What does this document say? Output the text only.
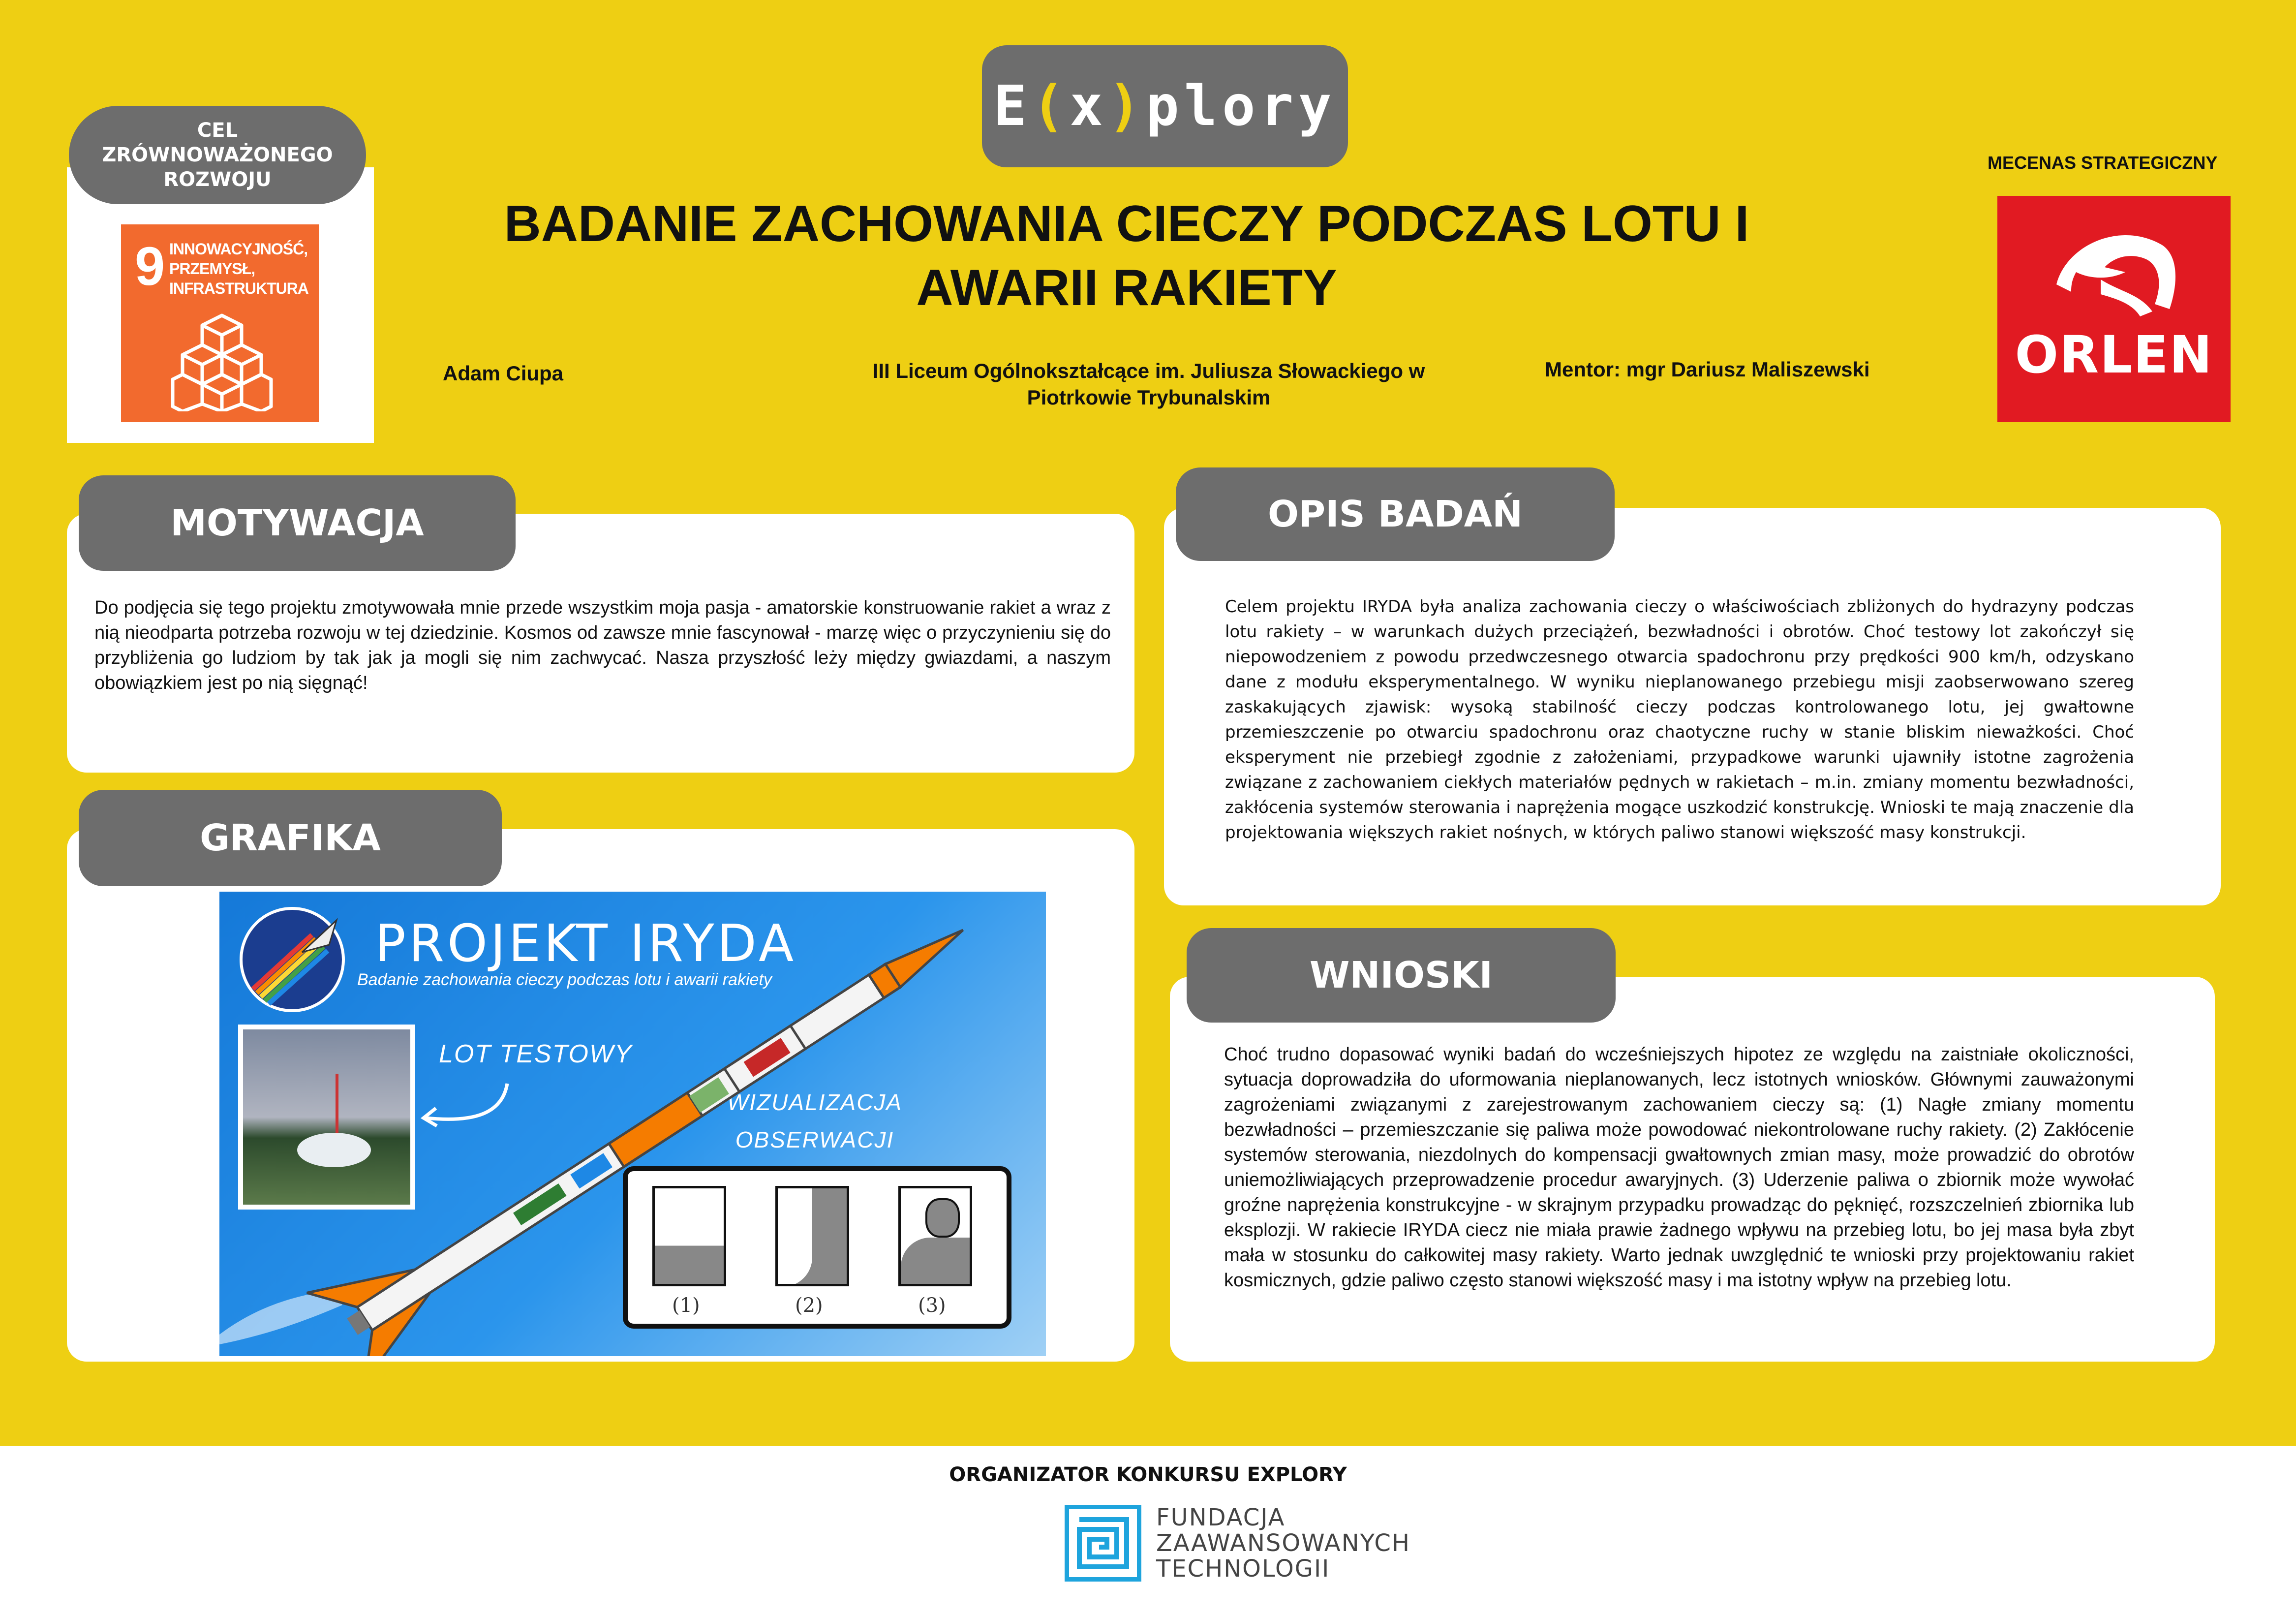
E ( x ) plory
CEL
ZRÓWNOWAŻONEGO
ROZWOJU
9 INNOWACYJNOŚĆ,
PRZEMYSŁ,
INFRASTRUKTURA
BADANIE ZACHOWANIA CIECZY PODCZAS LOTU I
AWARII RAKIETY
Adam Ciupa	III Liceum Ogólnokształcące im. Juliusza Słowackiego w
Piotrkowie Trybunalskim
Mentor: mgr Dariusz Maliszewski
MECENAS STRATEGICZNY
ORLEN
MOTYWACJA
Do podjęcia się tego projektu zmotywowała mnie przede wszystkim moja pasja - amatorskie konstruowanie rakiet a wraz z nią nieodparta potrzeba rozwoju w tej dziedzinie. Kosmos od zawsze mnie fascynował - marzę więc o przyczynieniu się do przybliżenia go ludziom by tak jak ja mogli się nim zachwycać. Nasza przyszłość leży między gwiazdami, a naszym obowiązkiem jest po nią sięgnąć!
GRAFIKA
PROJEKT IRYDA
Badanie zachowania cieczy podczas lotu i awarii rakiety
LOT TESTOWY
WIZUALIZACJA
OBSERWACJI
(1)	(2)	(3)
OPIS BADAŃ
Celem projektu IRYDA była analiza zachowania cieczy o właściwościach zbliżonych do hydrazyny podczas lotu rakiety – w warunkach dużych przeciążeń, bezwładności i obrotów. Choć testowy lot zakończył się niepowodzeniem z powodu przedwczesnego otwarcia spadochronu przy prędkości 900 km/h, odzyskano dane z modułu eksperymentalnego. W wyniku nieplanowanego przebiegu misji zaobserwowano szereg zaskakujących zjawisk: wysoką stabilność cieczy podczas kontrolowanego lotu, jej gwałtowne przemieszczenie po otwarciu spadochronu oraz chaotyczne ruchy w stanie bliskim nieważkości. Choć eksperyment nie przebiegł zgodnie z założeniami, przypadkowe warunki ujawniły istotne zagrożenia związane z zachowaniem ciekłych materiałów pędnych w rakietach – m.in. zmiany momentu bezwładności, zakłócenia systemów sterowania i naprężenia mogące uszkodzić konstrukcję. Wnioski te mają znaczenie dla projektowania większych rakiet nośnych, w których paliwo stanowi większość masy konstrukcji.
WNIOSKI
Choć trudno dopasować wyniki badań do wcześniejszych hipotez ze względu na zaistniałe okoliczności, sytuacja doprowadziła do uformowania nieplanowanych, lecz istotnych wniosków. Głównymi zauważonymi zagrożeniami związanymi z zarejestrowanym zachowaniem cieczy są: (1) Nagłe zmiany momentu bezwładności – przemieszczanie się paliwa może powodować niekontrolowane ruchy rakiety. (2) Zakłócenie systemów sterowania, niezdolnych do kompensacji gwałtownych zmian masy, może prowadzić do obrotów uniemożliwiających przeprowadzenie procedur awaryjnych. (3) Uderzenie paliwa o zbiornik może wywołać groźne naprężenia konstrukcyjne - w skrajnym przypadku prowadząc do pęknięć, rozszczelnień zbiornika lub eksplozji. W rakiecie IRYDA ciecz nie miała prawie żadnego wpływu na przebieg lotu, bo jej masa była zbyt mała w stosunku do całkowitej masy rakiety. Warto jednak uwzględnić te wnioski przy projektowaniu rakiet kosmicznych, gdzie paliwo często stanowi większość masy i ma istotny wpływ na przebieg lotu.
ORGANIZATOR KONKURSU EXPLORY
FUNDACJA
ZAAWANSOWANYCH
TECHNOLOGII
